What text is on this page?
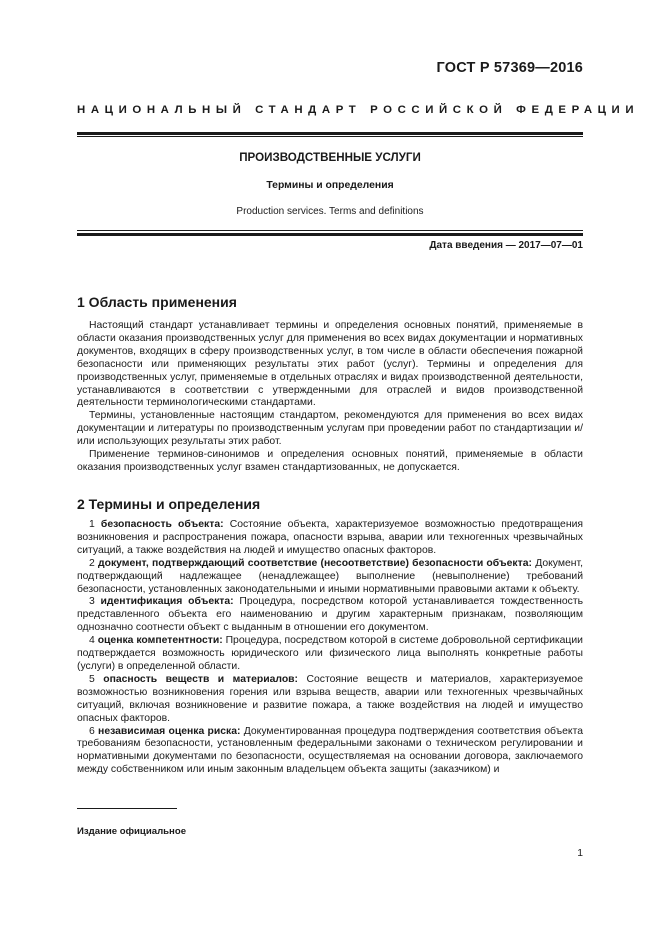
ГОСТ Р 57369—2016
НАЦИОНАЛЬНЫЙ СТАНДАРТ РОССИЙСКОЙ ФЕДЕРАЦИИ
ПРОИЗВОДСТВЕННЫЕ УСЛУГИ
Термины и определения
Production services. Terms and definitions
Дата введения — 2017—07—01
1 Область применения

Настоящий стандарт устанавливает термины и определения основных понятий, применяемые в области оказания производственных услуг для применения во всех видах документации и нормативных документов, входящих в сферу производственных услуг, в том числе в области обеспечения пожарной безопасности или применяющих результаты этих работ (услуг). Термины и определения для производственных услуг, применяемые в отдельных отраслях и видах производственной деятельности, устанавливаются в соответствии с утвержденными для отраслей и видов производственной деятельности терминологическими стандартами.

Термины, установленные настоящим стандартом, рекомендуются для применения во всех видах документации и литературы по производственным услугам при проведении работ по стандартизации и/или использующих результаты этих работ.

Применение терминов-синонимов и определения основных понятий, применяемые в области оказания производственных услуг взамен стандартизованных, не допускается.

2 Термины и определения

1 безопасность объекта: Состояние объекта, характеризуемое возможностью предотвращения возникновения и распространения пожара, опасности взрыва, аварии или техногенных чрезвычайных ситуаций, а также воздействия на людей и имущество опасных факторов.

2 документ, подтверждающий соответствие (несоответствие) безопасности объекта: Документ, подтверждающий надлежащее (ненадлежащее) выполнение (невыполнение) требований безопасности, установленных законодательными и иными нормативными правовыми актами к объекту.

3 идентификация объекта: Процедура, посредством которой устанавливается тождественность представленного объекта его наименованию и другим характерным признакам, позволяющим однозначно соотнести объект с выданным в отношении его документом.

4 оценка компетентности: Процедура, посредством которой в системе добровольной сертификации подтверждается возможность юридического или физического лица выполнять конкретные работы (услуги) в определенной области.

5 опасность веществ и материалов: Состояние веществ и материалов, характеризуемое возможностью возникновения горения или взрыва веществ, аварии или техногенных чрезвычайных ситуаций, включая возникновение и развитие пожара, а также воздействия на людей и имущество опасных факторов.

6 независимая оценка риска: Документированная процедура подтверждения соответствия объекта требованиям безопасности, установленным федеральными законами о техническом регулировании и нормативными документами по безопасности, осуществляемая на основании договора, заключаемого между собственником или иным законным владельцем объекта защиты (заказчиком) и

Издание официальное
1
